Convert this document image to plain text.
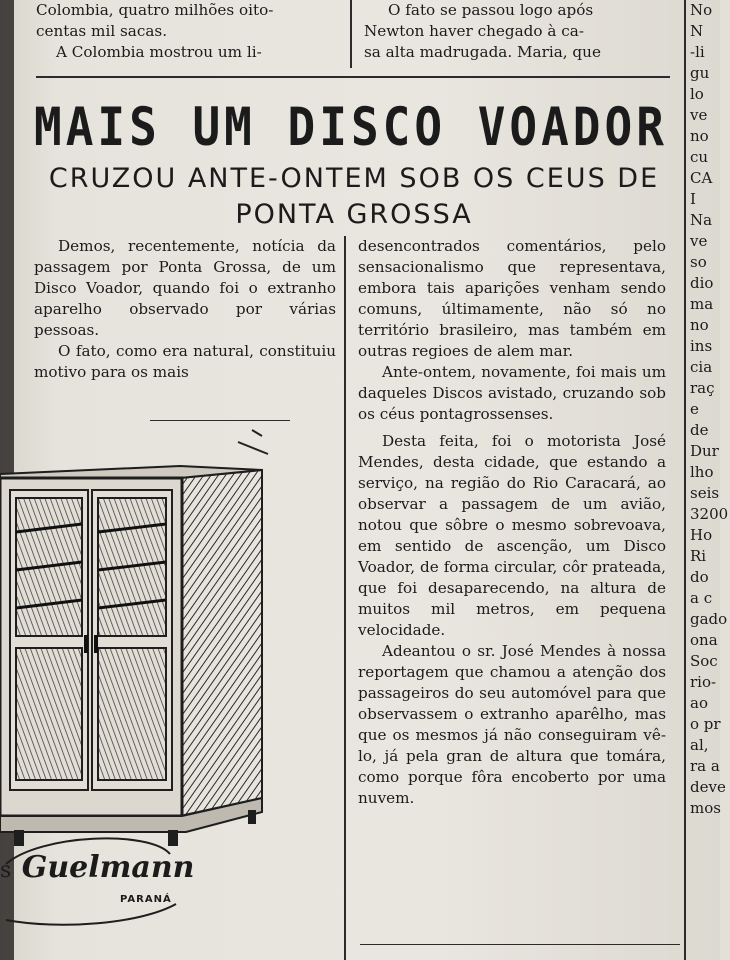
Colombia, quatro milhões oito-

centas mil sacas.

A Colombia mostrou um li-

O fato se passou logo após

Newton haver chegado à ca-

sa alta madrugada. Maria, que

MAIS UM DISCO VOADOR
CRUZOU ANTE-ONTEM SOB OS CEUS DE
PONTA GROSSA

Demos, recentemente, notícia da passagem por Ponta Grossa, de um Disco Voador, quando foi o extranho aparelho observado por várias pessoas.

O fato, como era natural, constituiu motivo para os mais

desencontrados comentários, pelo sensacionalismo que representava, embora tais aparições venham sendo comuns, últimamente, não só no território brasileiro, mas também em outras regioes de alem mar.

Ante-ontem, novamente, foi mais um daqueles Discos avistado, cruzando sob os céus pontagrossenses.

Desta feita, foi o motorista José Mendes, desta cidade, que estando a serviço, na região do Rio Caracará, ao observar a passagem de um avião, notou que sôbre o mesmo sobrevoava, em sentido de ascenção, um Disco Voador, de forma circular, côr prateada, que foi desaparecendo, na altura de muitos mil metros, em pequena velocidade.

Adeantou o sr. José Mendes à nossa reportagem que chamou a atenção dos passageiros do seu automóvel para que observassem o extranho aparêlho, mas que os mesmos já não conseguiram vê-lo, já pela gran de altura que tomára, como porque fôra encoberto por uma nuvem.

s Guelmann
PARANÁ
No
N
-li
gu
lo
ve
no
cu
CA
I
Na
ve
so
dio
ma
no
ins
cia
raç
e
de
Dur
lho
seis
3200
Ho
Ri
do
a c
gado
ona
Soc
rio-
ao
o pr
al,
ra a
deve
mos
